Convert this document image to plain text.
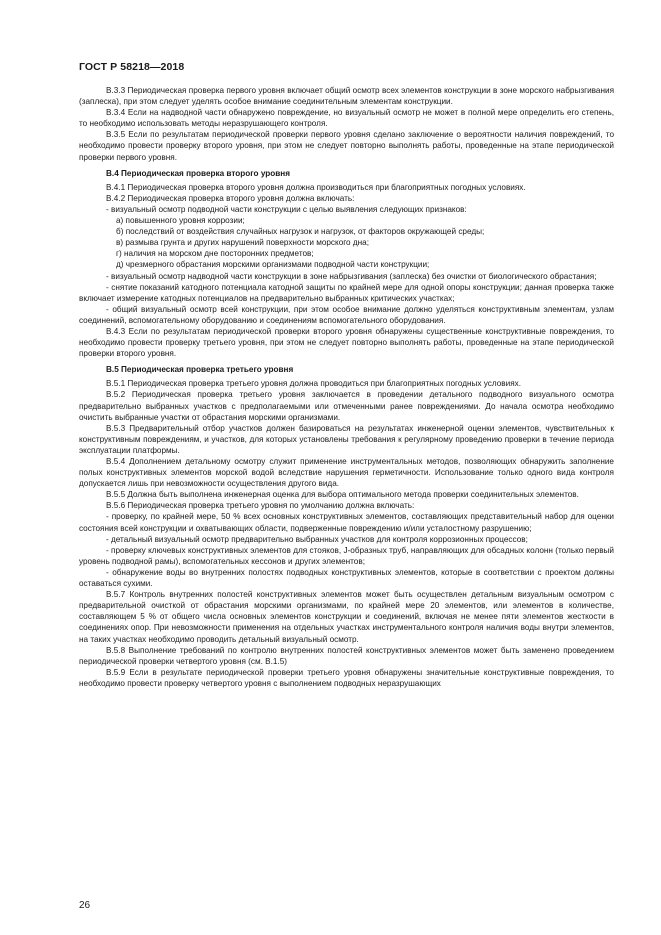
ГОСТ Р 58218—2018

В.3.3 Периодическая проверка первого уровня включает общий осмотр всех элементов конструкции в зоне морского набрызгивания (заплеска), при этом следует уделять особое внимание соединительным элементам конструкции.

В.3.4 Если на надводной части обнаружено повреждение, но визуальный осмотр не может в полной мере определить его степень, то необходимо использовать методы неразрушающего контроля.

В.3.5 Если по результатам периодической проверки первого уровня сделано заключение о вероятности наличия повреждений, то необходимо провести проверку второго уровня, при этом не следует повторно выполнять работы, проведенные на этапе периодической проверки первого уровня.

В.4 Периодическая проверка второго уровня

В.4.1 Периодическая проверка второго уровня должна производиться при благоприятных погодных условиях.

В.4.2 Периодическая проверка второго уровня должна включать:

- визуальный осмотр подводной части конструкции с целью выявления следующих признаков:

а) повышенного уровня коррозии;

б) последствий от воздействия случайных нагрузок и нагрузок, от факторов окружающей среды;

в) размыва грунта и других нарушений поверхности морского дна;

г) наличия на морском дне посторонних предметов;

д) чрезмерного обрастания морскими организмами подводной части конструкции;

- визуальный осмотр надводной части конструкции в зоне набрызгивания (заплеска) без очистки от биологического обрастания;

- снятие показаний катодного потенциала катодной защиты по крайней мере для одной опоры конструкции; данная проверка также включает измерение катодных потенциалов на предварительно выбранных критических участках;

- общий визуальный осмотр всей конструкции, при этом особое внимание должно уделяться конструктивным элементам, узлам соединений, вспомогательному оборудованию и соединениям вспомогательного оборудования.

В.4.3 Если по результатам периодической проверки второго уровня обнаружены существенные конструктивные повреждения, то необходимо провести проверку третьего уровня, при этом не следует повторно выполнять работы, проведенные на этапе периодической проверки второго уровня.

В.5 Периодическая проверка третьего уровня

В.5.1 Периодическая проверка третьего уровня должна проводиться при благоприятных погодных условиях.

В.5.2 Периодическая проверка третьего уровня заключается в проведении детального подводного визуального осмотра предварительно выбранных участков с предполагаемыми или отмеченными ранее повреждениями. До начала осмотра необходимо очистить выбранные участки от обрастания морскими организмами.

В.5.3 Предварительный отбор участков должен базироваться на результатах инженерной оценки элементов, чувствительных к конструктивным повреждениям, и участков, для которых установлены требования к регулярному проведению проверки в течение периода эксплуатации платформы.

В.5.4 Дополнением детальному осмотру служит применение инструментальных методов, позволяющих обнаружить заполнение полых конструктивных элементов морской водой вследствие нарушения герметичности. Использование только одного вида контроля допускается лишь при невозможности осуществления другого вида.

В.5.5 Должна быть выполнена инженерная оценка для выбора оптимального метода проверки соединительных элементов.

В.5.6 Периодическая проверка третьего уровня по умолчанию должна включать:

- проверку, по крайней мере, 50 % всех основных конструктивных элементов, составляющих представительный набор для оценки состояния всей конструкции и охватывающих области, подверженные повреждению и/или усталостному разрушению;

- детальный визуальный осмотр предварительно выбранных участков для контроля коррозионных процессов;

- проверку ключевых конструктивных элементов для стояков, J-образных труб, направляющих для обсадных колонн (только первый уровень подводной рамы), вспомогательных кессонов и других элементов;

- обнаружение воды во внутренних полостях подводных конструктивных элементов, которые в соответствии с проектом должны оставаться сухими.

В.5.7 Контроль внутренних полостей конструктивных элементов может быть осуществлен детальным визуальным осмотром с предварительной очисткой от обрастания морскими организмами, по крайней мере 20 элементов, или элементов в количестве, составляющем 5 % от общего числа основных элементов конструкции и соединений, включая не менее пяти элементов жесткости в соединениях опор. При невозможности применения на отдельных участках инструментального контроля наличия воды внутри элементов, на таких участках необходимо проводить детальный визуальный осмотр.

В.5.8 Выполнение требований по контролю внутренних полостей конструктивных элементов может быть заменено проведением периодической проверки четвертого уровня (см. В.1.5)

В.5.9 Если в результате периодической проверки третьего уровня обнаружены значительные конструктивные повреждения, то необходимо провести проверку четвертого уровня с выполнением подводных неразрушающих

26
